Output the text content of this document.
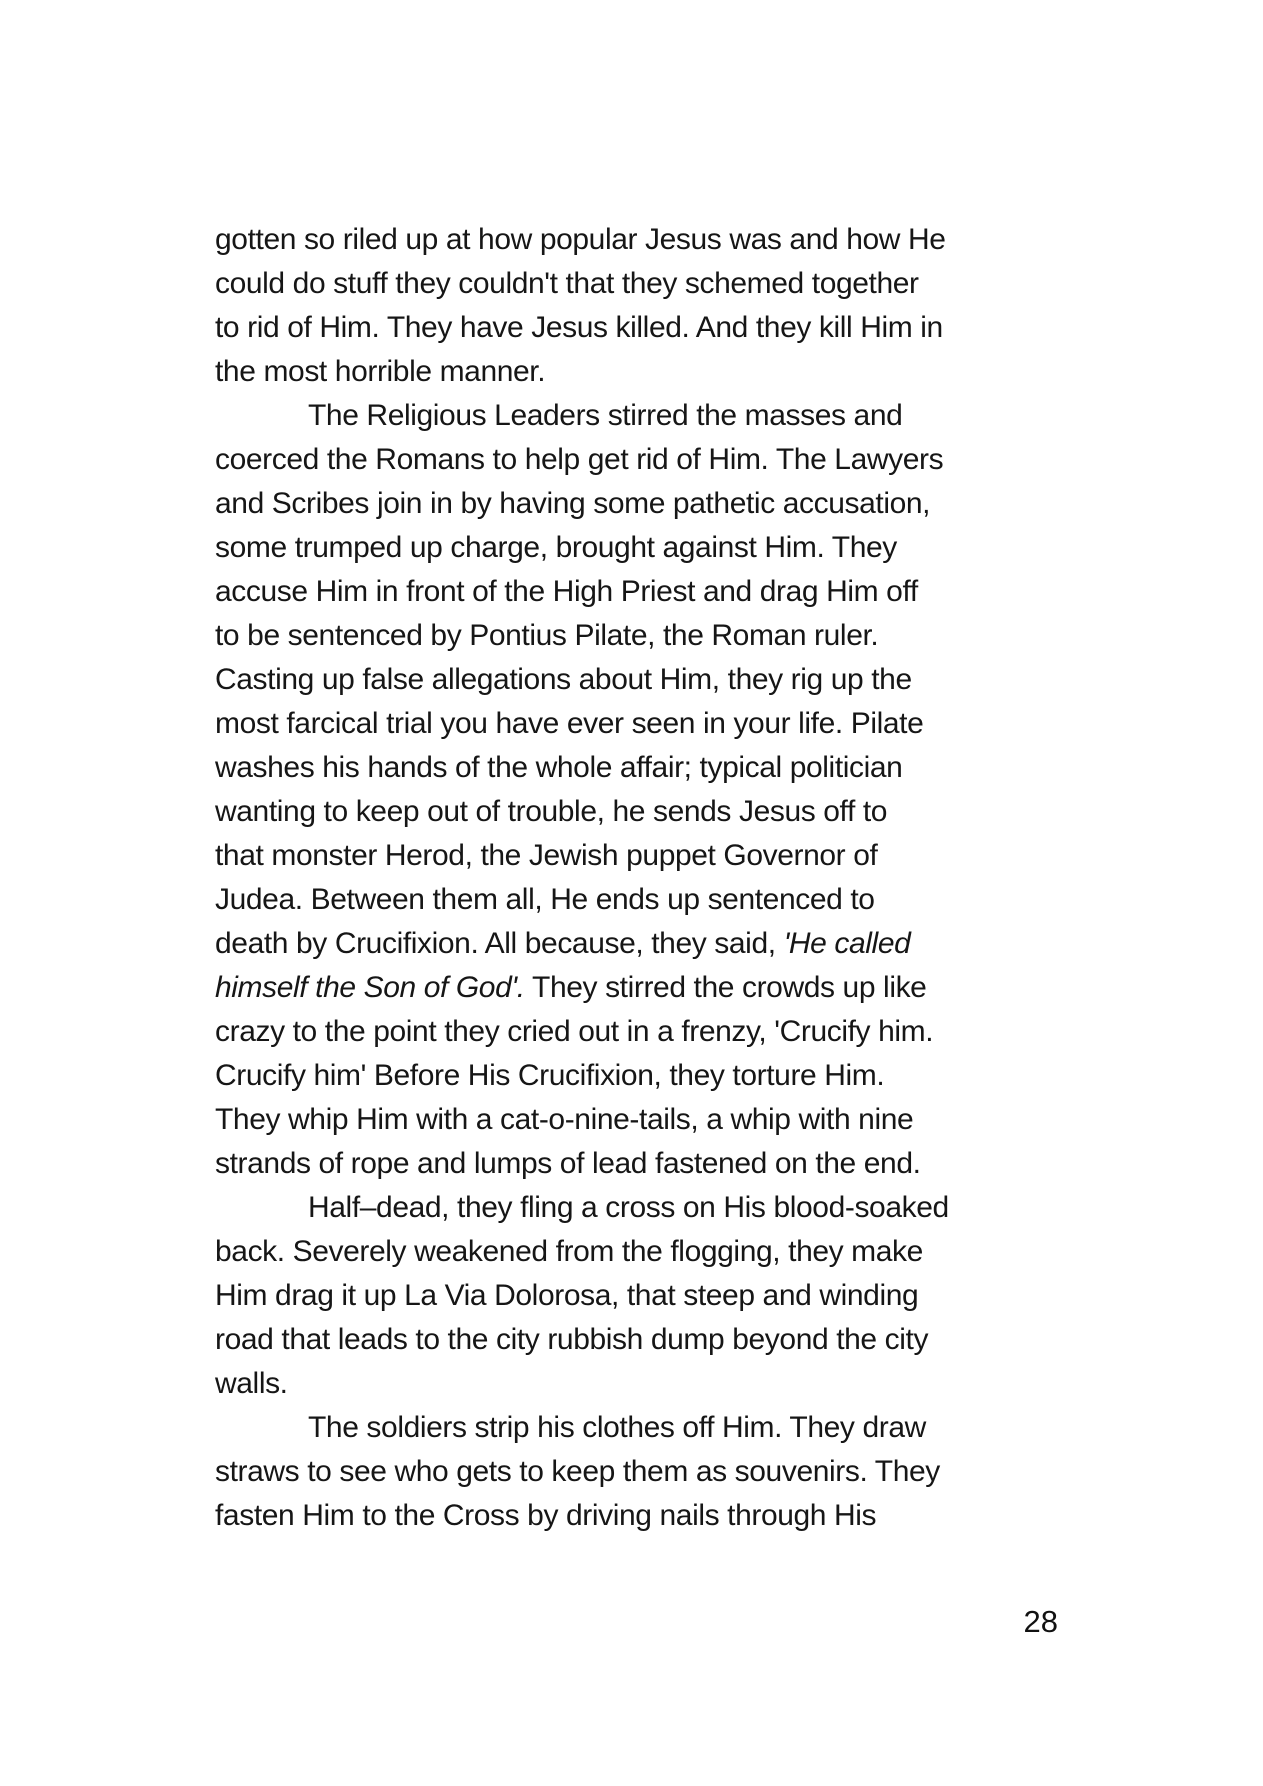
gotten so riled up at how popular Jesus was and how He
could do stuff they couldn't that they schemed together
to rid of Him. They have Jesus killed. And they kill Him in
the most horrible manner.
The Religious Leaders stirred the masses and
coerced the Romans to help get rid of Him. The Lawyers
and Scribes join in by having some pathetic accusation,
some trumped up charge, brought against Him. They
accuse Him in front of the High Priest and drag Him off
to be sentenced by Pontius Pilate, the Roman ruler.
Casting up false allegations about Him, they rig up the
most farcical trial you have ever seen in your life. Pilate
washes his hands of the whole affair; typical politician
wanting to keep out of trouble, he sends Jesus off to
that monster Herod, the Jewish puppet Governor of
Judea. Between them all, He ends up sentenced to
death by Crucifixion. All because, they said, 'He called
himself the Son of God'. They stirred the crowds up like
crazy to the point they cried out in a frenzy, 'Crucify him.
Crucify him' Before His Crucifixion, they torture Him.
They whip Him with a cat-o-nine-tails, a whip with nine
strands of rope and lumps of lead fastened on the end.
Half–dead, they fling a cross on His blood-soaked
back. Severely weakened from the flogging, they make
Him drag it up La Via Dolorosa, that steep and winding
road that leads to the city rubbish dump beyond the city
walls.
The soldiers strip his clothes off Him. They draw
straws to see who gets to keep them as souvenirs. They
fasten Him to the Cross by driving nails through His
28
